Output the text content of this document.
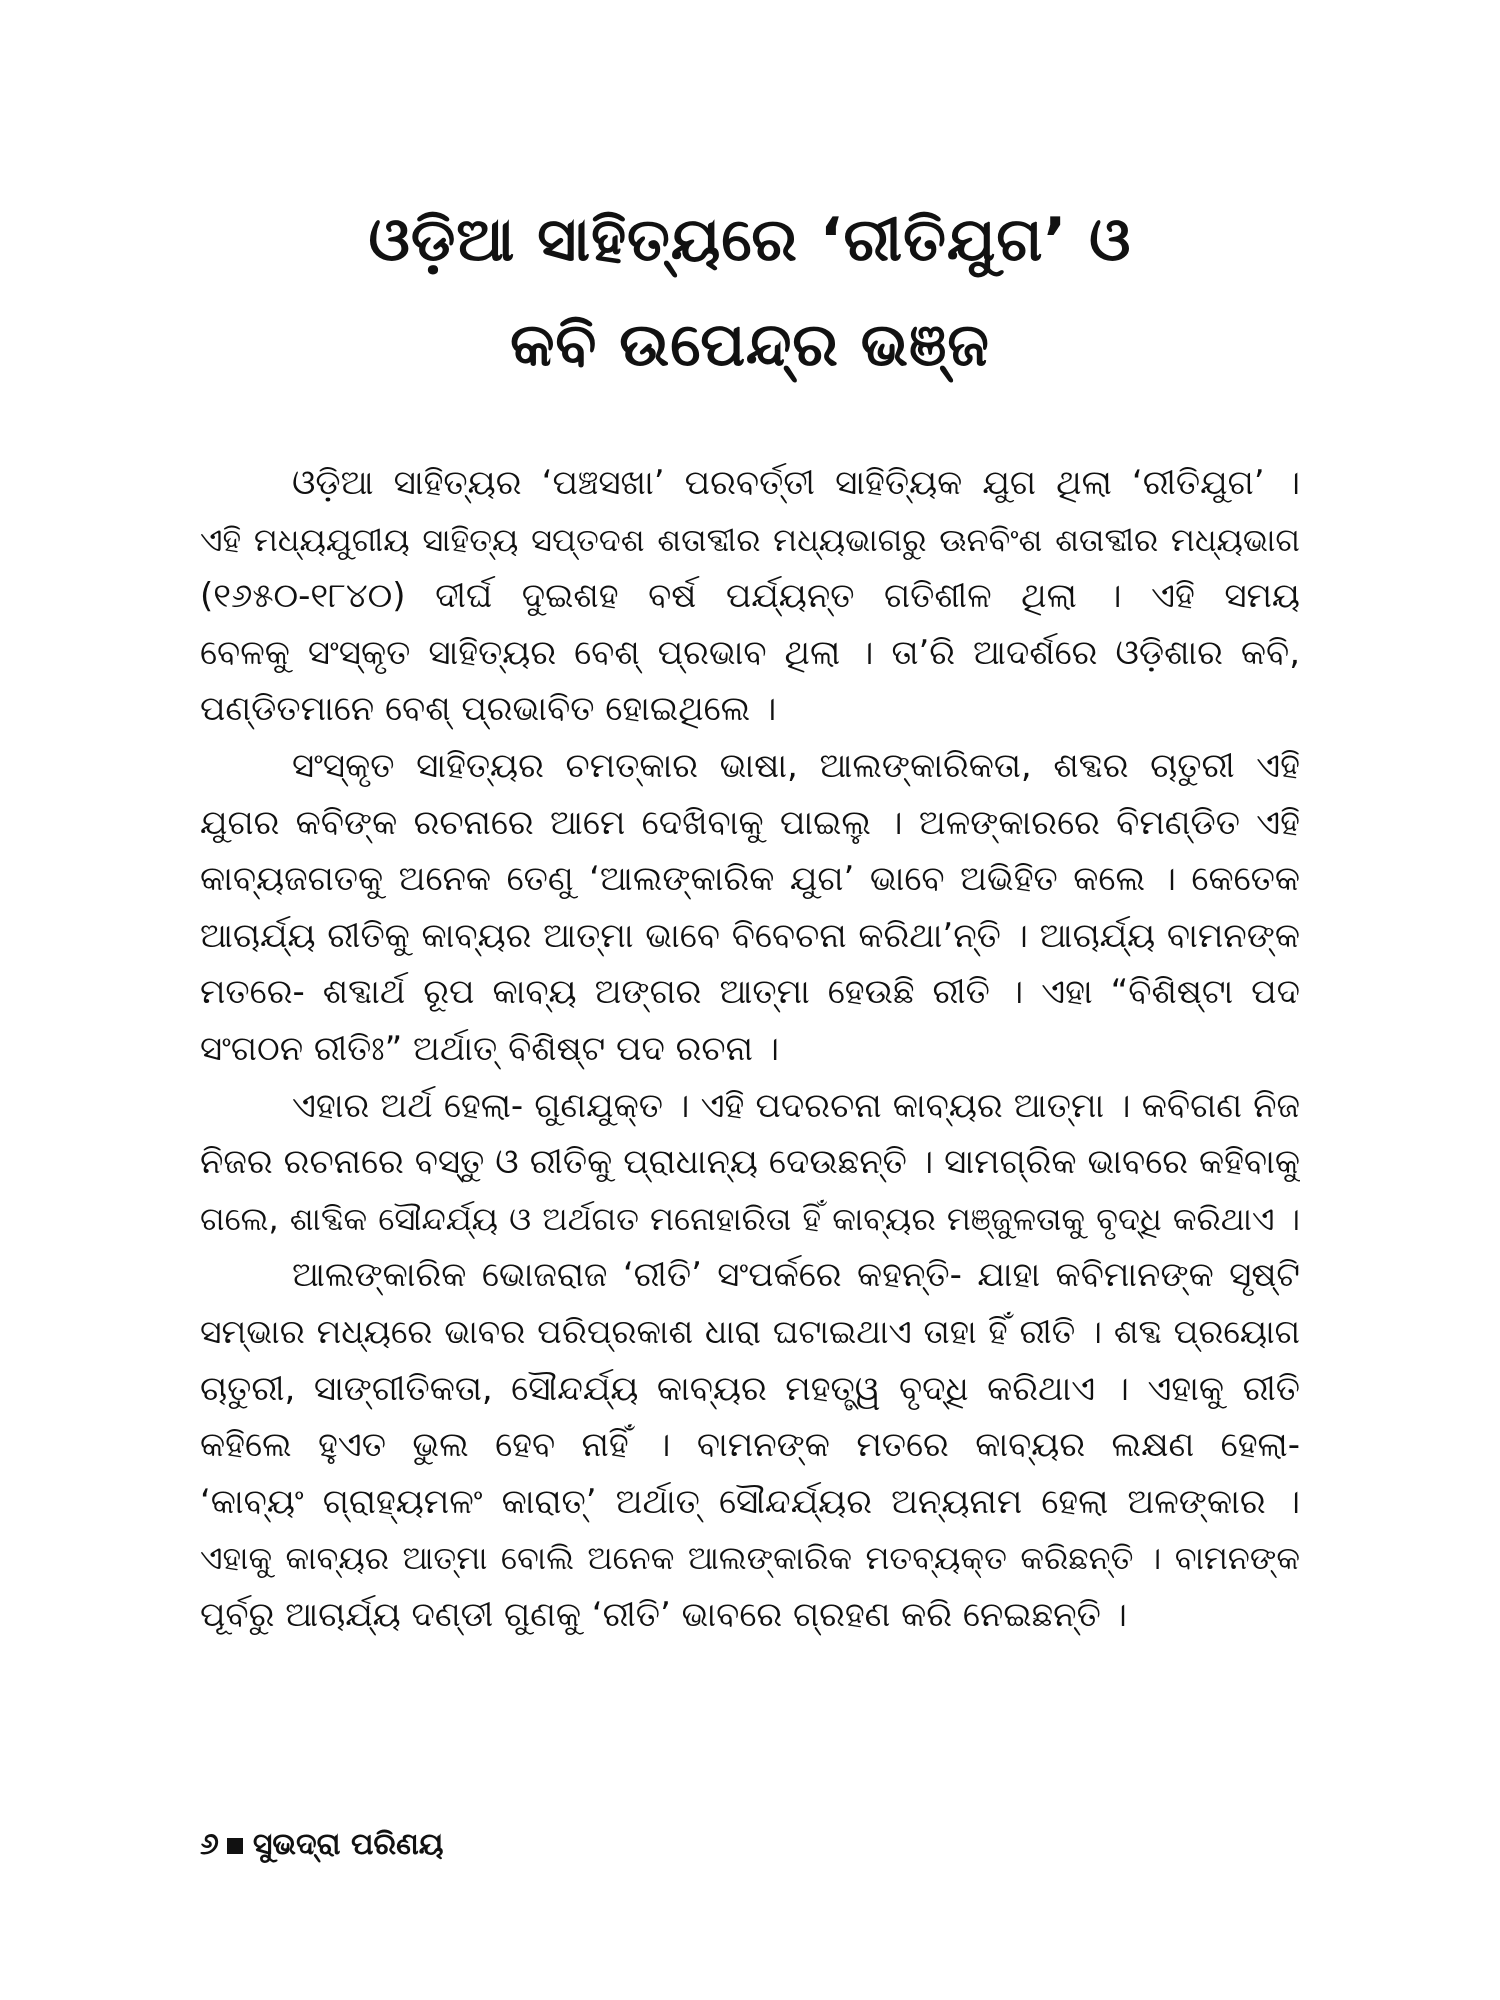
ଓଡ଼ିଆ ସାହିତ୍ୟରେ ‘ରୀତିଯୁଗ’ ଓ
କବି ଉପେନ୍ଦ୍ର ଭଞ୍ଜ
ଓଡ଼ିଆ ସାହିତ୍ୟର ‘ପଞ୍ଚସଖା’ ପରବର୍ତ୍ତୀ ସାହିତ୍ୟିକ ଯୁଗ ଥିଲା ‘ରୀତିଯୁଗ’ ।
ଏହି ମଧ୍ୟଯୁଗୀୟ ସାହିତ୍ୟ ସପ୍ତଦଶ ଶତାବ୍ଦୀର ମଧ୍ୟଭାଗରୁ ଊନବିଂଶ ଶତାବ୍ଦୀର ମଧ୍ୟଭାଗ
(୧୬୫୦-୧୮୪୦) ଦୀର୍ଘ ଦୁଇଶହ ବର୍ଷ ପର୍ଯ୍ୟନ୍ତ ଗତିଶୀଳ ଥିଲା । ଏହି ସମୟ
ବେଳକୁ ସଂସ୍କୃତ ସାହିତ୍ୟର ବେଶ୍ ପ୍ରଭାବ ଥିଲା । ତା’ରି ଆଦର୍ଶରେ ଓଡ଼ିଶାର କବି,
ପଣ୍ଡିତମାନେ ବେଶ୍ ପ୍ରଭାବିତ ହୋଇଥିଲେ ।
ସଂସ୍କୃତ ସାହିତ୍ୟର ଚମତ୍କାର ଭାଷା, ଆଲଙ୍କାରିକତା, ଶବ୍ଦର ଚାତୁରୀ ଏହି
ଯୁଗର କବିଙ୍କ ରଚନାରେ ଆମେ ଦେଖିବାକୁ ପାଇଲୁ । ଅଳଙ୍କାରରେ ବିମଣ୍ଡିତ ଏହି
କାବ୍ୟଜଗତକୁ ଅନେକ ତେଣୁ ‘ଆଲଙ୍କାରିକ ଯୁଗ’ ଭାବେ ଅଭିହିତ କଲେ । କେତେକ
ଆଚାର୍ଯ୍ୟ ରୀତିକୁ କାବ୍ୟର ଆତ୍ମା ଭାବେ ବିବେଚନା କରିଥା’ନ୍ତି । ଆଚାର୍ଯ୍ୟ ବାମନଙ୍କ
ମତରେ- ଶବ୍ଦାର୍ଥ ରୂପ କାବ୍ୟ ଅଙ୍ଗର ଆତ୍ମା ହେଉଛି ରୀତି । ଏହା “ବିଶିଷ୍ଟା ପଦ
ସଂଗଠନ ରୀତିଃ” ଅର୍ଥାତ୍ ବିଶିଷ୍ଟ ପଦ ରଚନା ।
ଏହାର ଅର୍ଥ ହେଲା- ଗୁଣଯୁକ୍ତ । ଏହି ପଦରଚନା କାବ୍ୟର ଆତ୍ମା । କବିଗଣ ନିଜ
ନିଜର ରଚନାରେ ବସ୍ତୁ ଓ ରୀତିକୁ ପ୍ରାଧାନ୍ୟ ଦେଉଛନ୍ତି । ସାମଗ୍ରିକ ଭାବରେ କହିବାକୁ
ଗଲେ, ଶାବ୍ଦିକ ସୌନ୍ଦର୍ଯ୍ୟ ଓ ଅର୍ଥଗତ ମନୋହାରିତା ହିଁ କାବ୍ୟର ମଞ୍ଜୁଳତାକୁ ବୃଦ୍ଧି କରିଥାଏ ।
ଆଲଙ୍କାରିକ ଭୋଜରାଜ ‘ରୀତି’ ସଂପର୍କରେ କହନ୍ତି- ଯାହା କବିମାନଙ୍କ ସୃଷ୍ଟି
ସମ୍ଭାର ମଧ୍ୟରେ ଭାବର ପରିପ୍ରକାଶ ଧାରା ଘଟାଇଥାଏ ତାହା ହିଁ ରୀତି । ଶବ୍ଦ ପ୍ରୟୋଗ
ଚାତୁରୀ, ସାଙ୍ଗୀତିକତା, ସୌନ୍ଦର୍ଯ୍ୟ କାବ୍ୟର ମହତ୍ତ୍ୱ ବୃଦ୍ଧି କରିଥାଏ । ଏହାକୁ ରୀତି
କହିଲେ ହୁଏତ ଭୁଲ ହେବ ନାହିଁ । ବାମନଙ୍କ ମତରେ କାବ୍ୟର ଲକ୍ଷଣ ହେଲା-
‘କାବ୍ୟଂ ଗ୍ରାହ୍ୟମଳଂ କାରାତ୍’ ଅର୍ଥାତ୍ ସୌନ୍ଦର୍ଯ୍ୟର ଅନ୍ୟନାମ ହେଲା ଅଳଙ୍କାର ।
ଏହାକୁ କାବ୍ୟର ଆତ୍ମା ବୋଲି ଅନେକ ଆଲଙ୍କାରିକ ମତବ୍ୟକ୍ତ କରିଛନ୍ତି । ବାମନଙ୍କ
ପୂର୍ବରୁ ଆଚାର୍ଯ୍ୟ ଦଣ୍ଡୀ ଗୁଣକୁ ‘ରୀତି’ ଭାବରେ ଗ୍ରହଣ କରି ନେଇଛନ୍ତି ।
୬ ସୁଭଦ୍ରା ପରିଣୟ
